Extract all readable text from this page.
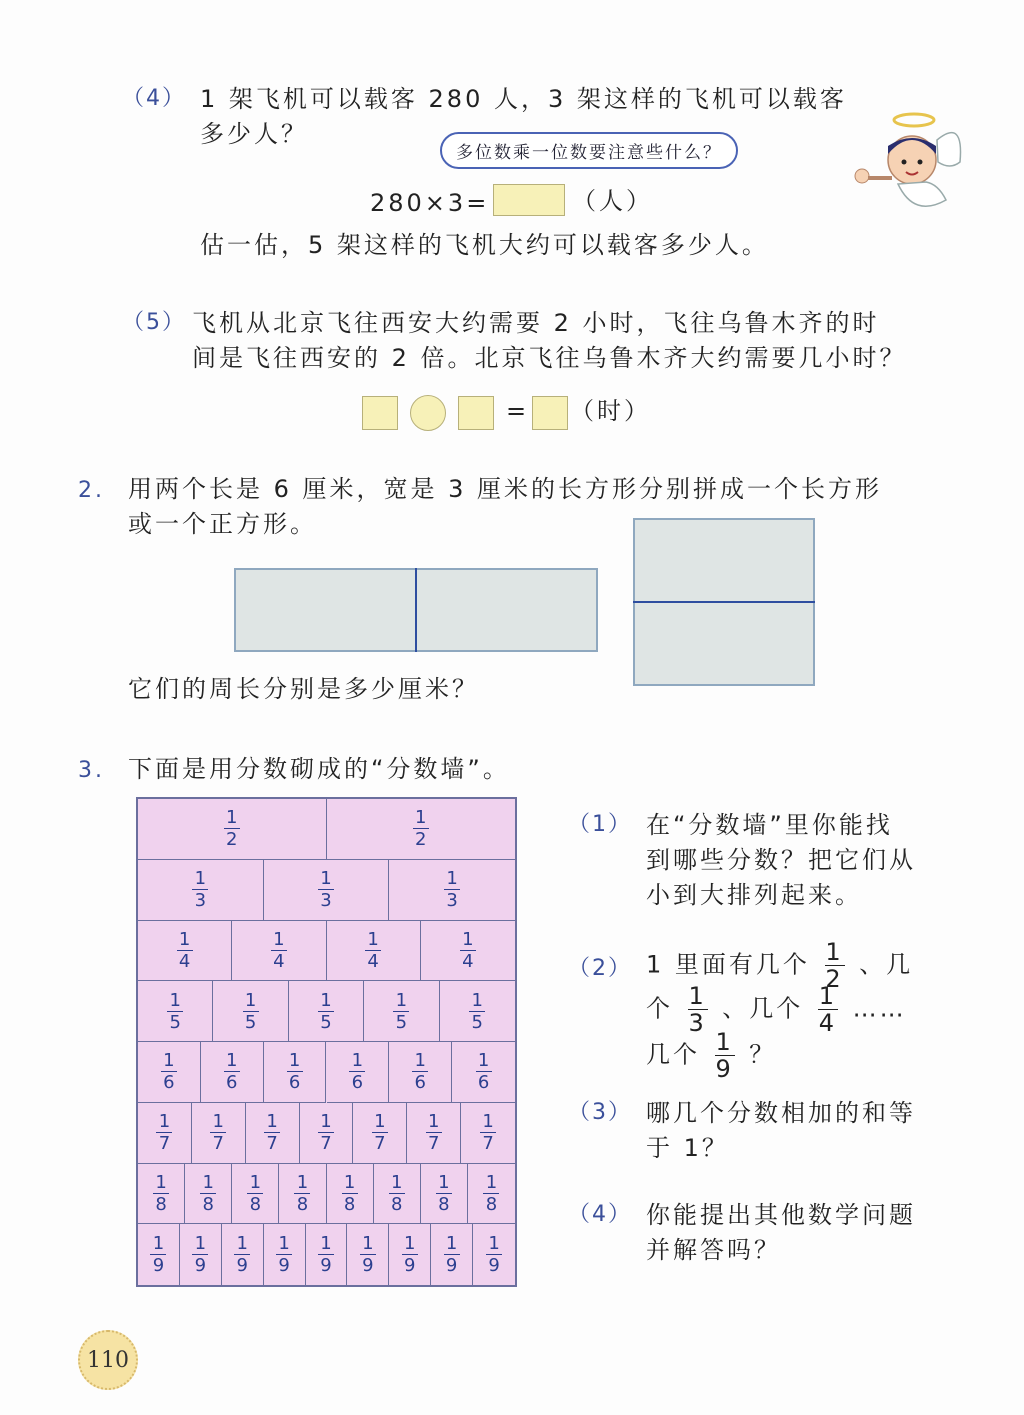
（4） 1 架飞机可以载客 280 人，3 架这样的飞机可以载客
多少人？
多位数乘一位数要注意些什么？
280×3=	（人）
估一估，5 架这样的飞机大约可以载客多少人。
（5） 飞机从北京飞往西安大约需要 2 小时，飞往乌鲁木齐的时
间是飞往西安的 2 倍。北京飞往乌鲁木齐大约需要几小时？
= （时）
2. 用两个长是 6 厘米，宽是 3 厘米的长方形分别拼成一个长方形
或一个正方形。
它们的周长分别是多少厘米？
3. 下面是用分数砌成的“分数墙”。
$\frac{1}{2}$	$\frac{1}{2}$
$\frac{1}{3}$	$\frac{1}{3}$	$\frac{1}{3}$
$\frac{1}{4}$	$\frac{1}{4}$	$\frac{1}{4}$	$\frac{1}{4}$
$\frac{1}{5}$	$\frac{1}{5}$	$\frac{1}{5}$	$\frac{1}{5}$	$\frac{1}{5}$
$\frac{1}{6}$	$\frac{1}{6}$	$\frac{1}{6}$	$\frac{1}{6}$	$\frac{1}{6}$	$\frac{1}{6}$
$\frac{1}{7} \frac{1}{7} \frac{1}{7} \frac{1}{7} \frac{1}{7} \frac{1}{7} \frac{1}{7}$
$\frac{1}{8} \frac{1}{8} \frac{1}{8} \frac{1}{8} \frac{1}{8} \frac{1}{8} \frac{1}{8} \frac{1}{8}$
$\frac{1}{9} \frac{1}{9} \frac{1}{9} \frac{1}{9} \frac{1}{9} \frac{1}{9} \frac{1}{9} \frac{1}{9} \frac{1}{9}$
（1） 在“分数墙”里你能找
到哪些分数？把它们从
小到大排列起来。
（2） 1 里面有几个 $\frac{1}{2}$ 、几
个 $\frac{1}{3}$ 、几个 $\frac{1}{4}$ ……
几个 $\frac{1}{9}$ ？
（3） 哪几个分数相加的和等
于 1？
（4） 你能提出其他数学问题
并解答吗？
110
